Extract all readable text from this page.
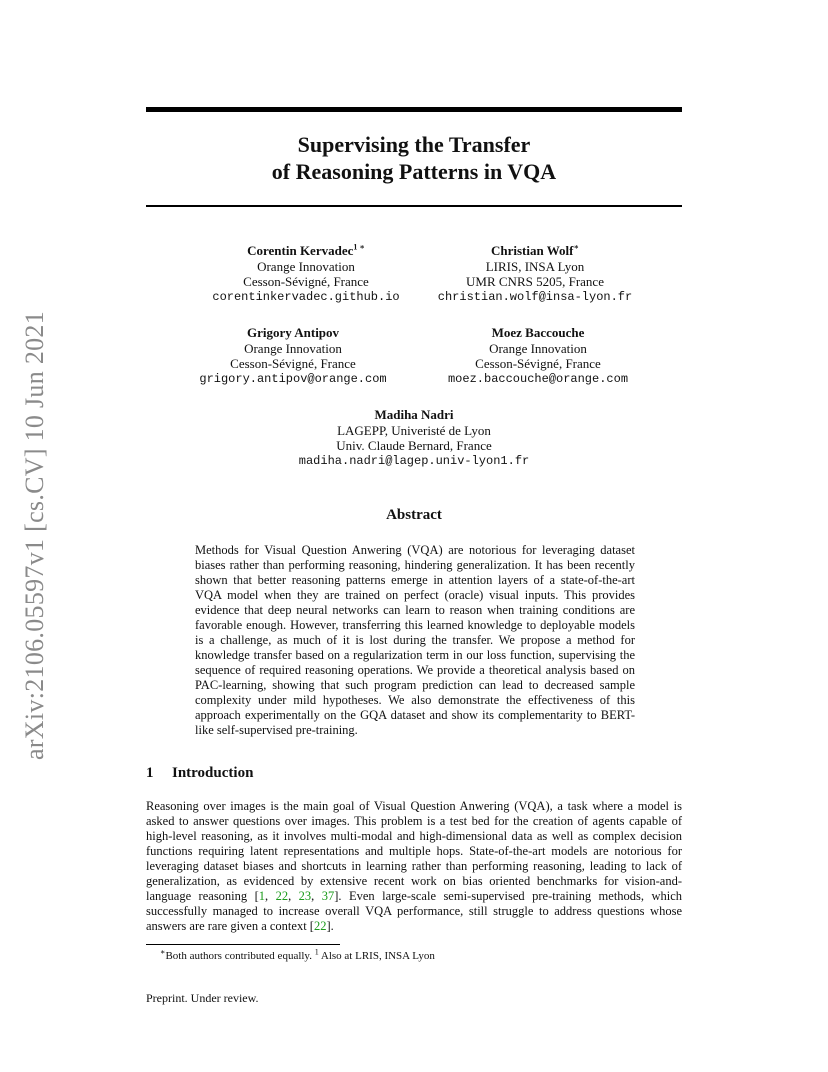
arXiv:2106.05597v1 [cs.CV] 10 Jun 2021
Supervising the Transfer
of Reasoning Patterns in VQA
Corentin Kervadec$^{1 ∗}$
Orange Innovation
Cesson-Sévigné, France
corentinkervadec.github.io
Christian Wolf∗
LIRIS, INSA Lyon
UMR CNRS 5205, France
christian.wolf@insa-lyon.fr
Grigory Antipov
Orange Innovation
Cesson-Sévigné, France
grigory.antipov@orange.com
Moez Baccouche
Orange Innovation
Cesson-Sévigné, France
moez.baccouche@orange.com
Madiha Nadri
LAGEPP, Univeristé de Lyon
Univ. Claude Bernard, France
madiha.nadri@lagep.univ-lyon1.fr
Abstract
Methods for Visual Question Anwering (VQA) are notorious for leveraging dataset biases rather than performing reasoning, hindering generalization. It has been recently shown that better reasoning patterns emerge in attention layers of a state-of-the-art VQA model when they are trained on perfect (oracle) visual inputs. This provides evidence that deep neural networks can learn to reason when training conditions are favorable enough. However, transferring this learned knowledge to deployable models is a challenge, as much of it is lost during the transfer. We propose a method for knowledge transfer based on a regularization term in our loss function, supervising the sequence of required reasoning operations. We provide a theoretical analysis based on PAC-learning, showing that such program prediction can lead to decreased sample complexity under mild hypotheses. We also demonstrate the effectiveness of this approach experimentally on the GQA dataset and show its complementarity to BERT-like self-supervised pre-training.
1 Introduction
Reasoning over images is the main goal of Visual Question Anwering (VQA), a task where a model is asked to answer questions over images. This problem is a test bed for the creation of agents capable of high-level reasoning, as it involves multi-modal and high-dimensional data as well as complex decision functions requiring latent representations and multiple hops. State-of-the-art models are notorious for leveraging dataset biases and shortcuts in learning rather than performing reasoning, leading to lack of generalization, as evidenced by extensive recent work on bias oriented benchmarks for vision-and-language reasoning [1, 22, 23, 37]. Even large-scale semi-supervised pre-training methods, which successfully managed to increase overall VQA performance, still struggle to address questions whose answers are rare given a context [22].
∗Both authors contributed equally. $^1$ Also at LRIS, INSA Lyon
Preprint. Under review.
